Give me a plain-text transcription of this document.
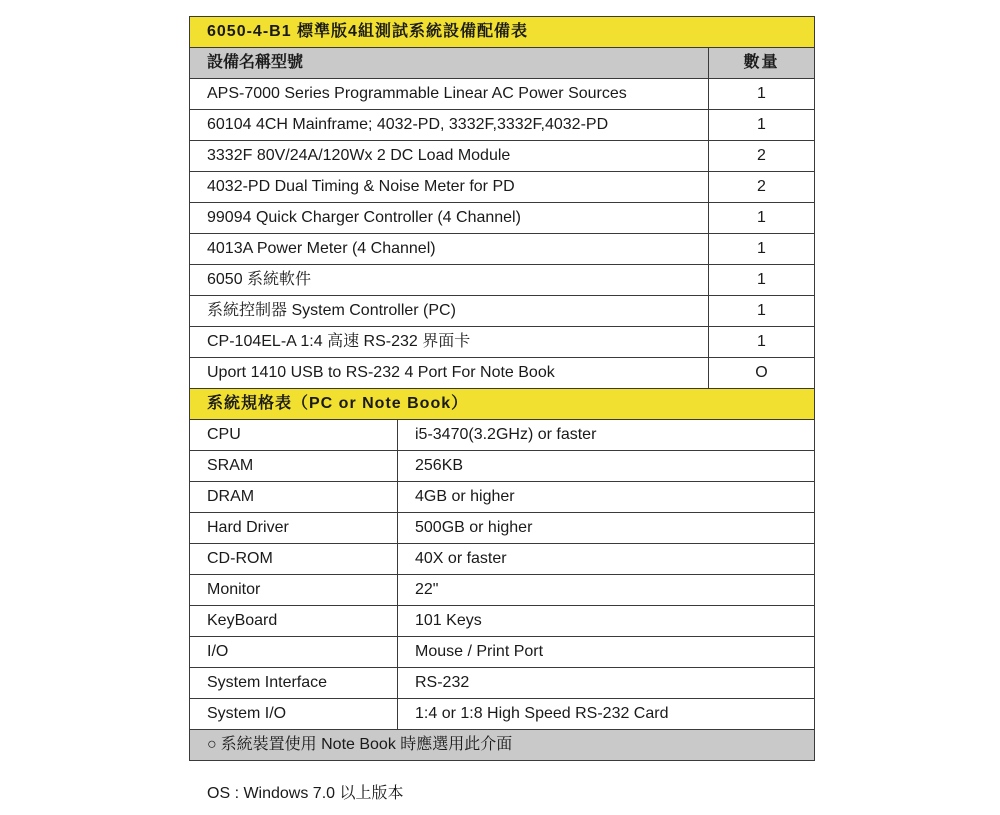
6050-4-B1 標準版4組測試系統設備配備表		
設備名稱型號		數量
APS-7000 Series Programmable Linear AC Power Sources		1
60104 4CH Mainframe; 4032-PD, 3332F,3332F,4032-PD		1
3332F 80V/24A/120Wx 2 DC Load Module		2
4032-PD Dual Timing & Noise Meter for PD		2
99094 Quick Charger Controller (4 Channel)		1
4013A Power Meter (4 Channel)		1
6050 系統軟件		1
系統控制器 System Controller (PC)		1
CP-104EL-A 1:4 高速 RS-232 界面卡		1
Uport 1410 USB to RS-232 4 Port For Note Book		O
系統規格表（PC or Note Book）		
CPU	i5-3470(3.2GHz) or faster	
SRAM	256KB	
DRAM	4GB or higher	
Hard Driver	500GB or higher	
CD-ROM	40X or faster	
Monitor	22"	
KeyBoard	101 Keys	
I/O	Mouse / Print Port	
System Interface	RS-232	
System I/O	1:4 or 1:8 High Speed RS-232 Card	
○ 系統裝置使用 Note Book 時應選用此介面		
OS : Windows 7.0 以上版本
